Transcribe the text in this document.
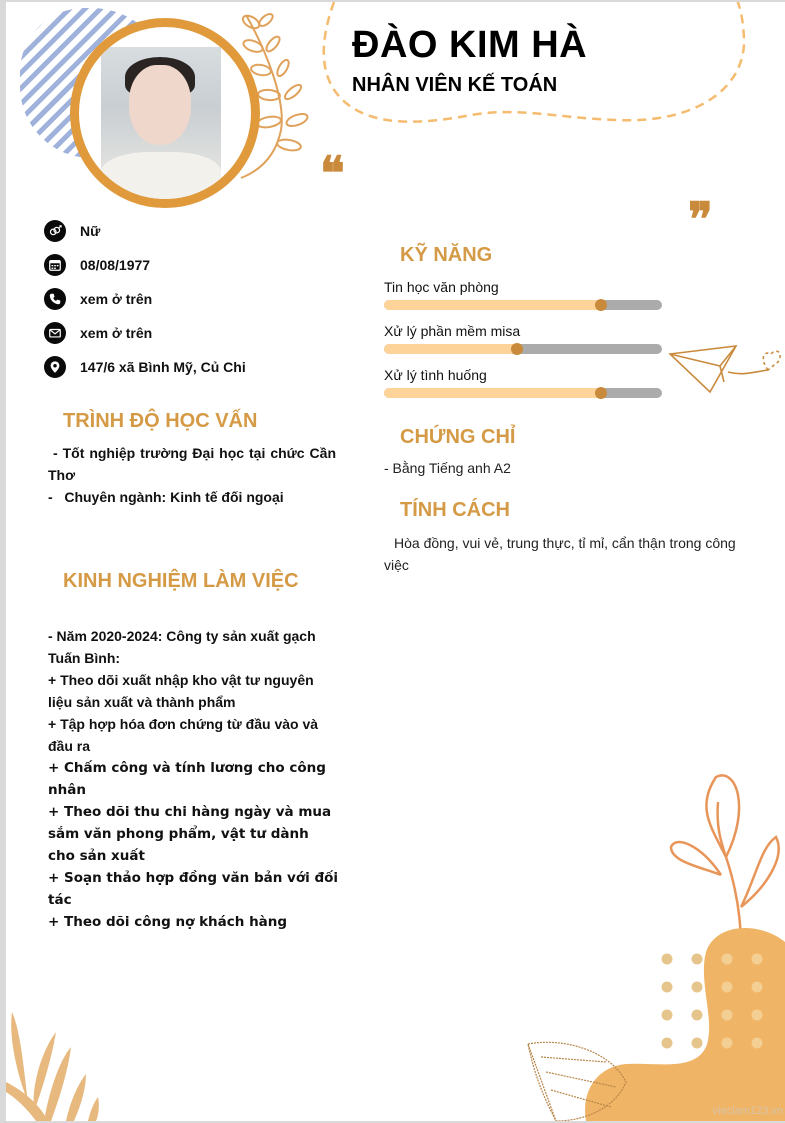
ĐÀO KIM HÀ
NHÂN VIÊN KẾ TOÁN
❝
❞
Nữ
08/08/1977
xem ở trên
xem ở trên
147/6 xã Bình Mỹ, Củ Chi
TRÌNH ĐỘ HỌC VẤN
- Tốt nghiệp trường Đại học tại chức Cần Thơ
-   Chuyên ngành: Kinh tế đối ngoại
KINH NGHIỆM LÀM VIỆC
- Năm 2020-2024: Công ty sản xuất gạch Tuấn Bình:
+ Theo dõi xuất nhập kho vật tư nguyên liệu sản xuất và thành phẩm
+ Tập hợp hóa đơn chứng từ đầu vào và đầu ra
+ Chấm công và tính lương cho công nhân
+ Theo dõi thu chi hàng ngày và mua sắm văn phong phẩm, vật tư dành cho sản xuất
+ Soạn thảo hợp đồng văn bản với đối tác
+ Theo dõi công nợ khách hàng
KỸ NĂNG
Tin học văn phòng
Xử lý phần mềm misa
Xử lý tình huống
CHỨNG CHỈ
- Bằng Tiếng anh A2
TÍNH CÁCH
Hòa đồng, vui vẻ, trung thực, tỉ mỉ, cẩn thận trong công việc
vieclam123.vn
